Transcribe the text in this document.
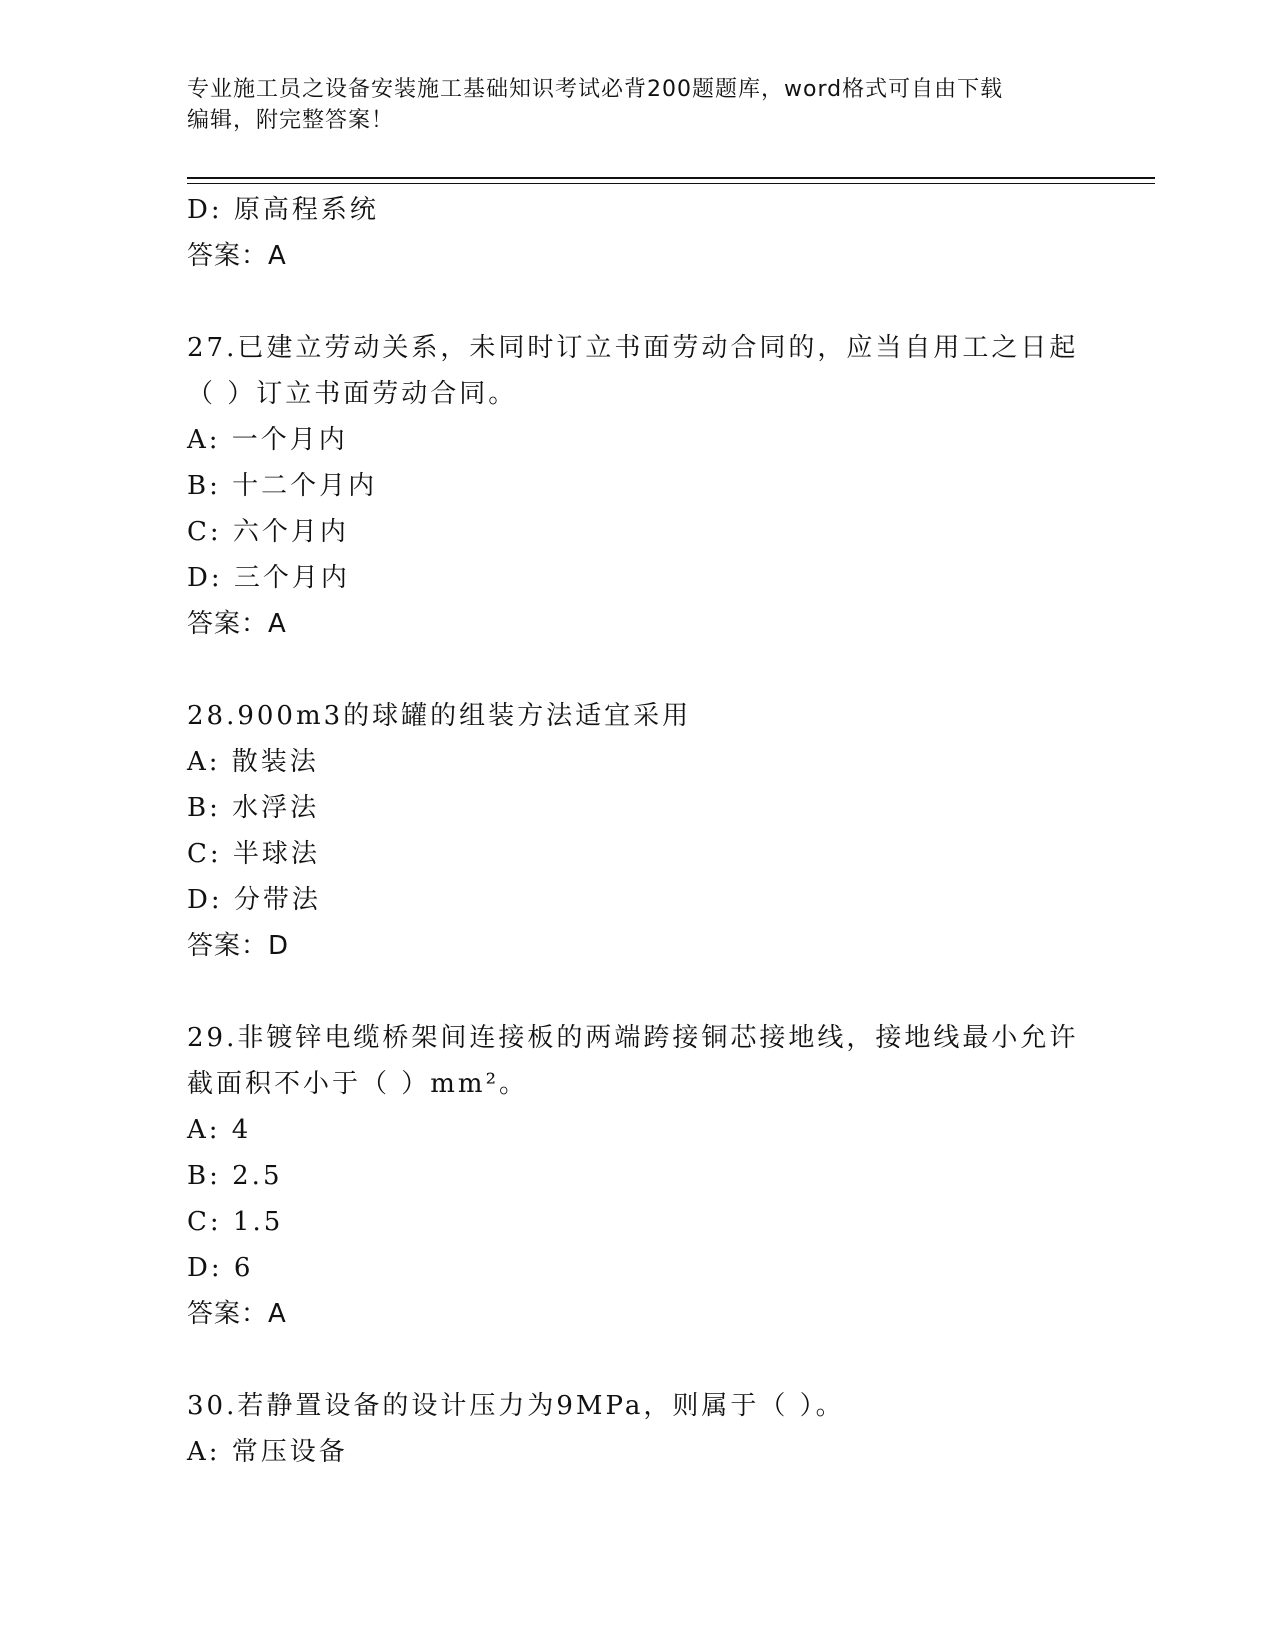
专业施工员之设备安装施工基础知识考试必背200题题库，word格式可自由下载
编辑，附完整答案！
D: 原高程系统
答案：A
27.已建立劳动关系，未同时订立书面劳动合同的，应当自用工之日起
（ ）订立书面劳动合同。
A: 一个月内
B: 十二个月内
C: 六个月内
D: 三个月内
答案：A
28.900m3的球罐的组装方法适宜采用
A: 散装法
B: 水浮法
C: 半球法
D: 分带法
答案：D
29.非镀锌电缆桥架间连接板的两端跨接铜芯接地线，接地线最小允许
截面积不小于（ ）mm²。
A: 4
B: 2.5
C: 1.5
D: 6
答案：A
30.若静置设备的设计压力为9MPa，则属于（ ）。
A: 常压设备
